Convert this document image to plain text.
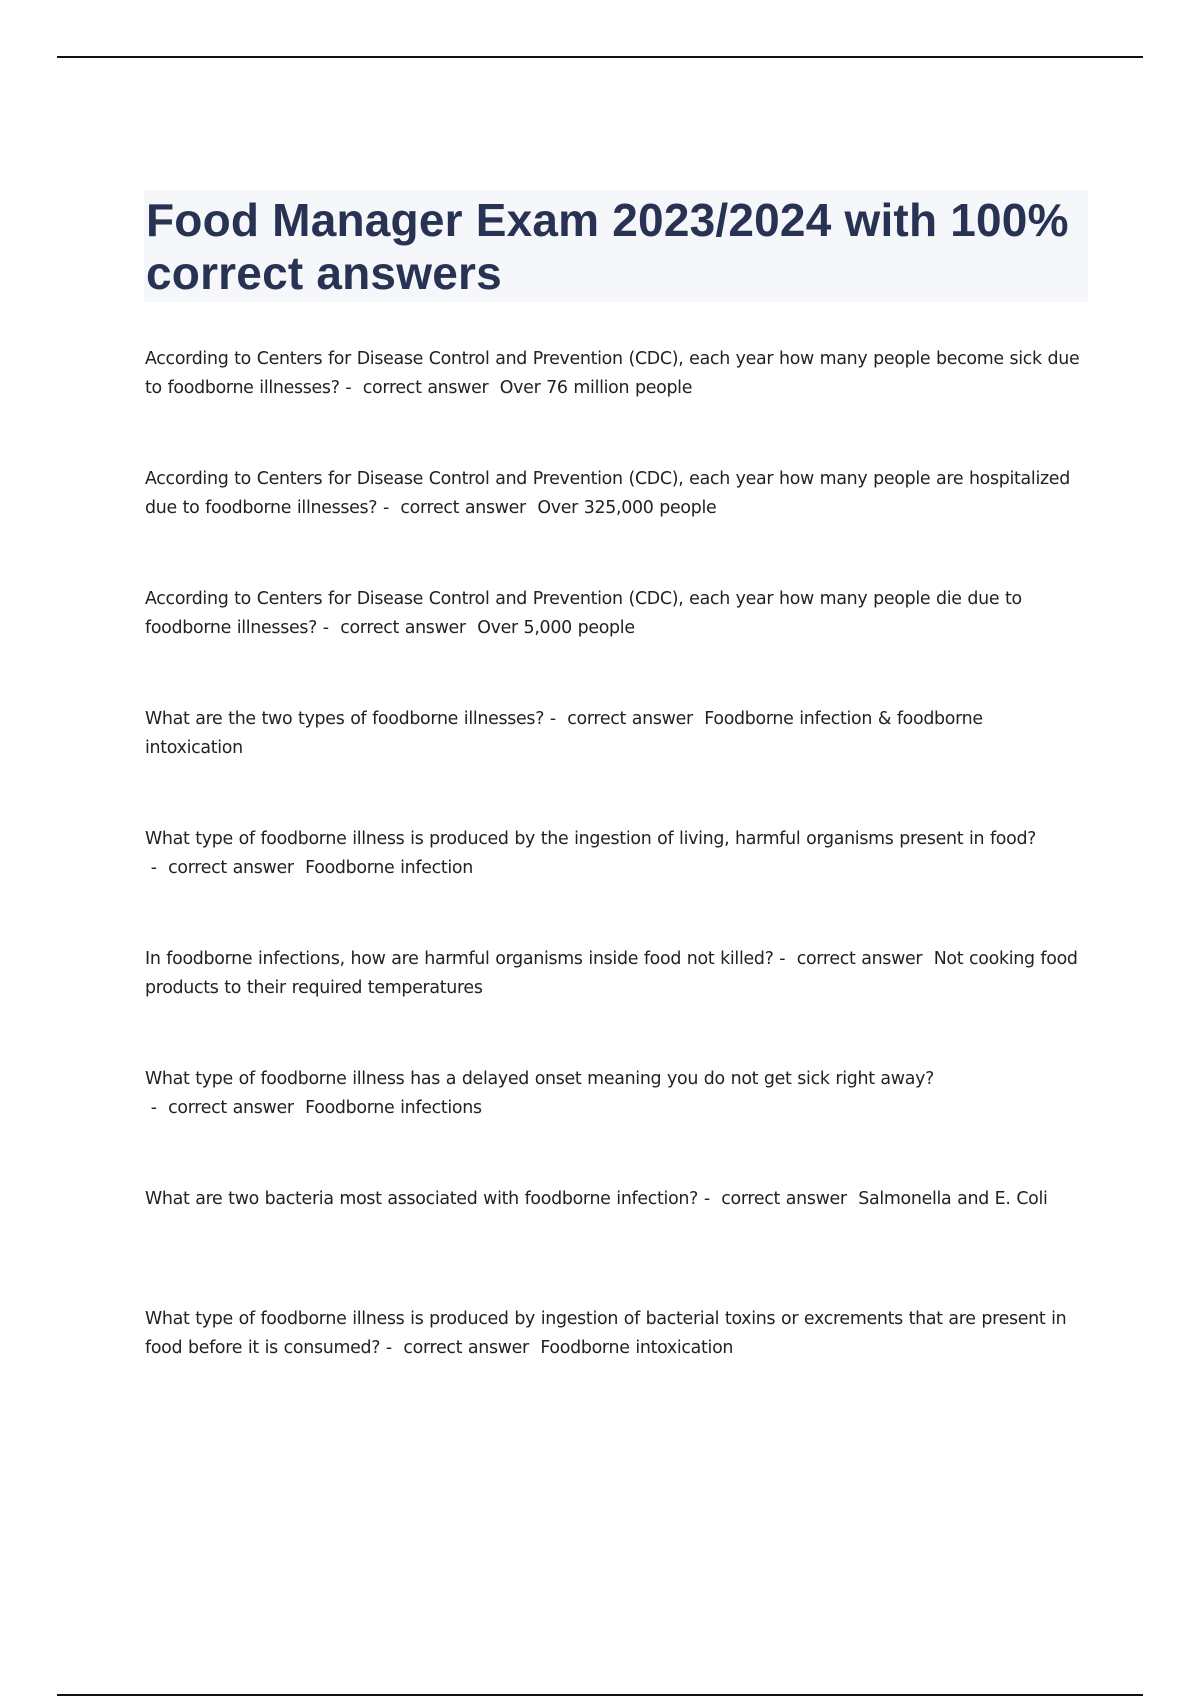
Food Manager Exam 2023/2024 with 100% correct answers
According to Centers for Disease Control and Prevention (CDC), each year how many people become sick due to foodborne illnesses? -  correct answer  Over 76 million people
According to Centers for Disease Control and Prevention (CDC), each year how many people are hospitalized due to foodborne illnesses? -  correct answer  Over 325,000 people
According to Centers for Disease Control and Prevention (CDC), each year how many people die due to foodborne illnesses? -  correct answer  Over 5,000 people
What are the two types of foodborne illnesses? -  correct answer  Foodborne infection & foodborne intoxication
What type of foodborne illness is produced by the ingestion of living, harmful organisms present in food? -  correct answer  Foodborne infection
In foodborne infections, how are harmful organisms inside food not killed? -  correct answer  Not cooking food products to their required temperatures
What type of foodborne illness has a delayed onset meaning you do not get sick right away? -  correct answer  Foodborne infections
What are two bacteria most associated with foodborne infection? -  correct answer  Salmonella and E. Coli
What type of foodborne illness is produced by ingestion of bacterial toxins or excrements that are present in food before it is consumed? -  correct answer  Foodborne intoxication
